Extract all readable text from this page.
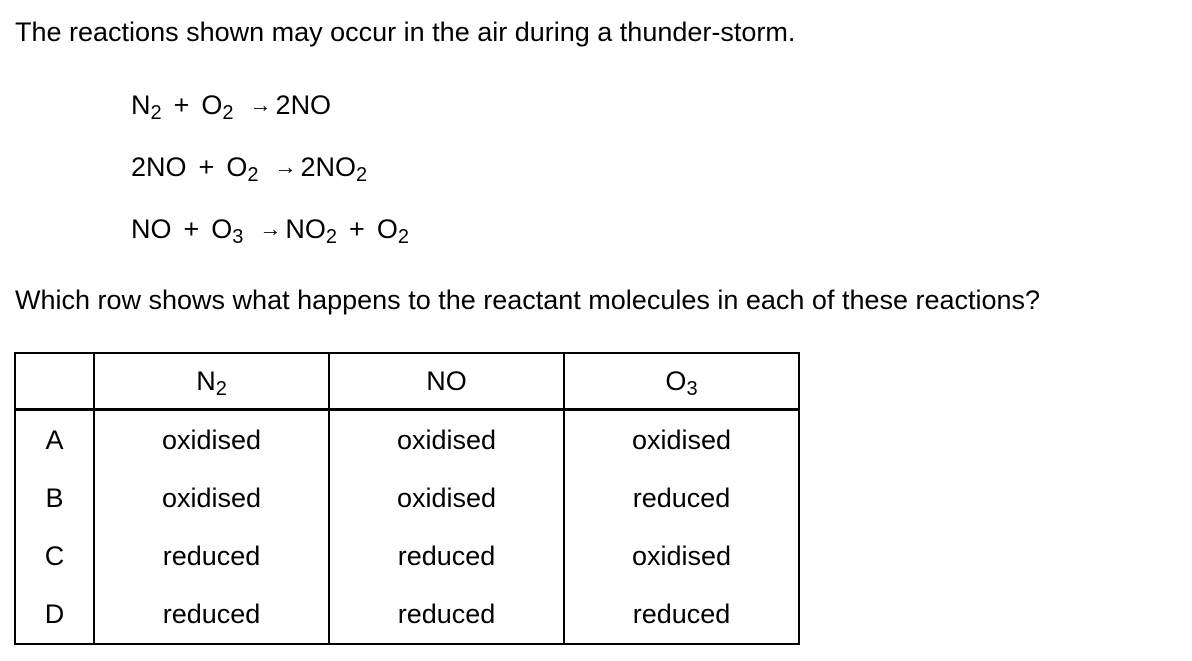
The reactions shown may occur in the air during a thunder-storm.
N2 + O2 → 2NO
2NO + O2 → 2NO2
NO + O3 → NO2 + O2
Which row shows what happens to the reactant molecules in each of these reactions?
	N2	NO	O3
A	oxidised	oxidised	oxidised
B	oxidised	oxidised	reduced
C	reduced	reduced	oxidised
D	reduced	reduced	reduced
